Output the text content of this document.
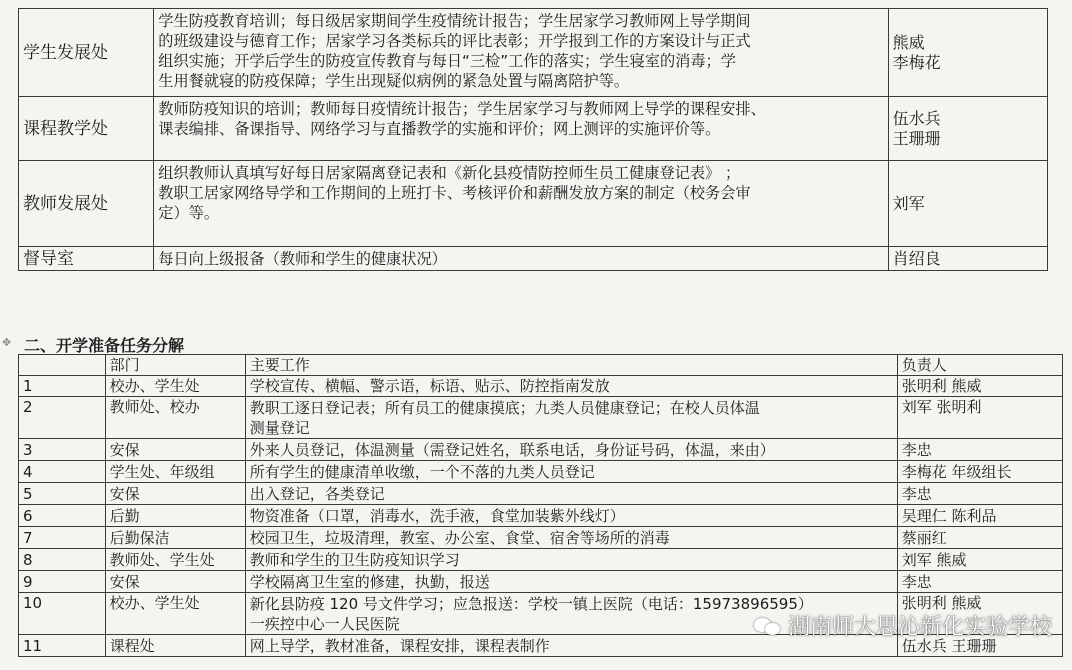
学生发展处	学生防疫教育培训；每日级居家期间学生疫情统计报告；学生居家学习教师网上导学期间
的班级建设与德育工作；居家学习各类标兵的评比表彰；开学报到工作的方案设计与正式
组织实施；开学后学生的防疫宣传教育与每日“三检”工作的落实；学生寝室的消毒；学
生用餐就寝的防疫保障；学生出现疑似病例的紧急处置与隔离陪护等。	熊威
李梅花

课程教学处	教师防疫知识的培训；教师每日疫情统计报告；学生居家学习与教师网上导学的课程安排、
课表编排、备课指导、网络学习与直播教学的实施和评价；网上测评的实施评价等。	伍水兵
王珊珊

教师发展处	组织教师认真填写好每日居家隔离登记表和《新化县疫情防控师生员工健康登记表》 ；
教职工居家网络导学和工作期间的上班打卡、考核评价和薪酬发放方案的制定（校务会审
定）等。	刘军

督导室	每日向上级报备（教师和学生的健康状况）	肖绍良
✥ 二、开学准备任务分解
	部门	主要工作	负责人
1	校办、学生处	学校宣传、横幅、警示语，标语、贴示、防控指南发放	张明利 熊威
2	教师处、校办	教职工逐日登记表；所有员工的健康摸底；九类人员健康登记；在校人员体温
测量登记	刘军 张明利
3	安保	外来人员登记，体温测量（需登记姓名，联系电话，身份证号码，体温，来由）	李忠
4	学生处、年级组	所有学生的健康清单收缴，一个不落的九类人员登记	李梅花 年级组长
5	安保	出入登记，各类登记	李忠
6	后勤	物资准备（口罩，消毒水，洗手液，食堂加装紫外线灯）	吴理仁 陈利品
7	后勤保洁	校园卫生，垃圾清理，教室、办公室、食堂、宿舍等场所的消毒	蔡丽红
8	教师处、学生处	教师和学生的卫生防疫知识学习	刘军 熊威
9	安保	学校隔离卫生室的修建，执勤，报送	李忠
10	校办、学生处	新化县防疫 120 号文件学习；应急报送：学校一镇上医院（电话：15973896595）
一疾控中心一人民医院	张明利 熊威
11	课程处	网上导学，教材准备，课程安排，课程表制作	伍水兵 王珊珊
湖南师大思沁新化实验学校
